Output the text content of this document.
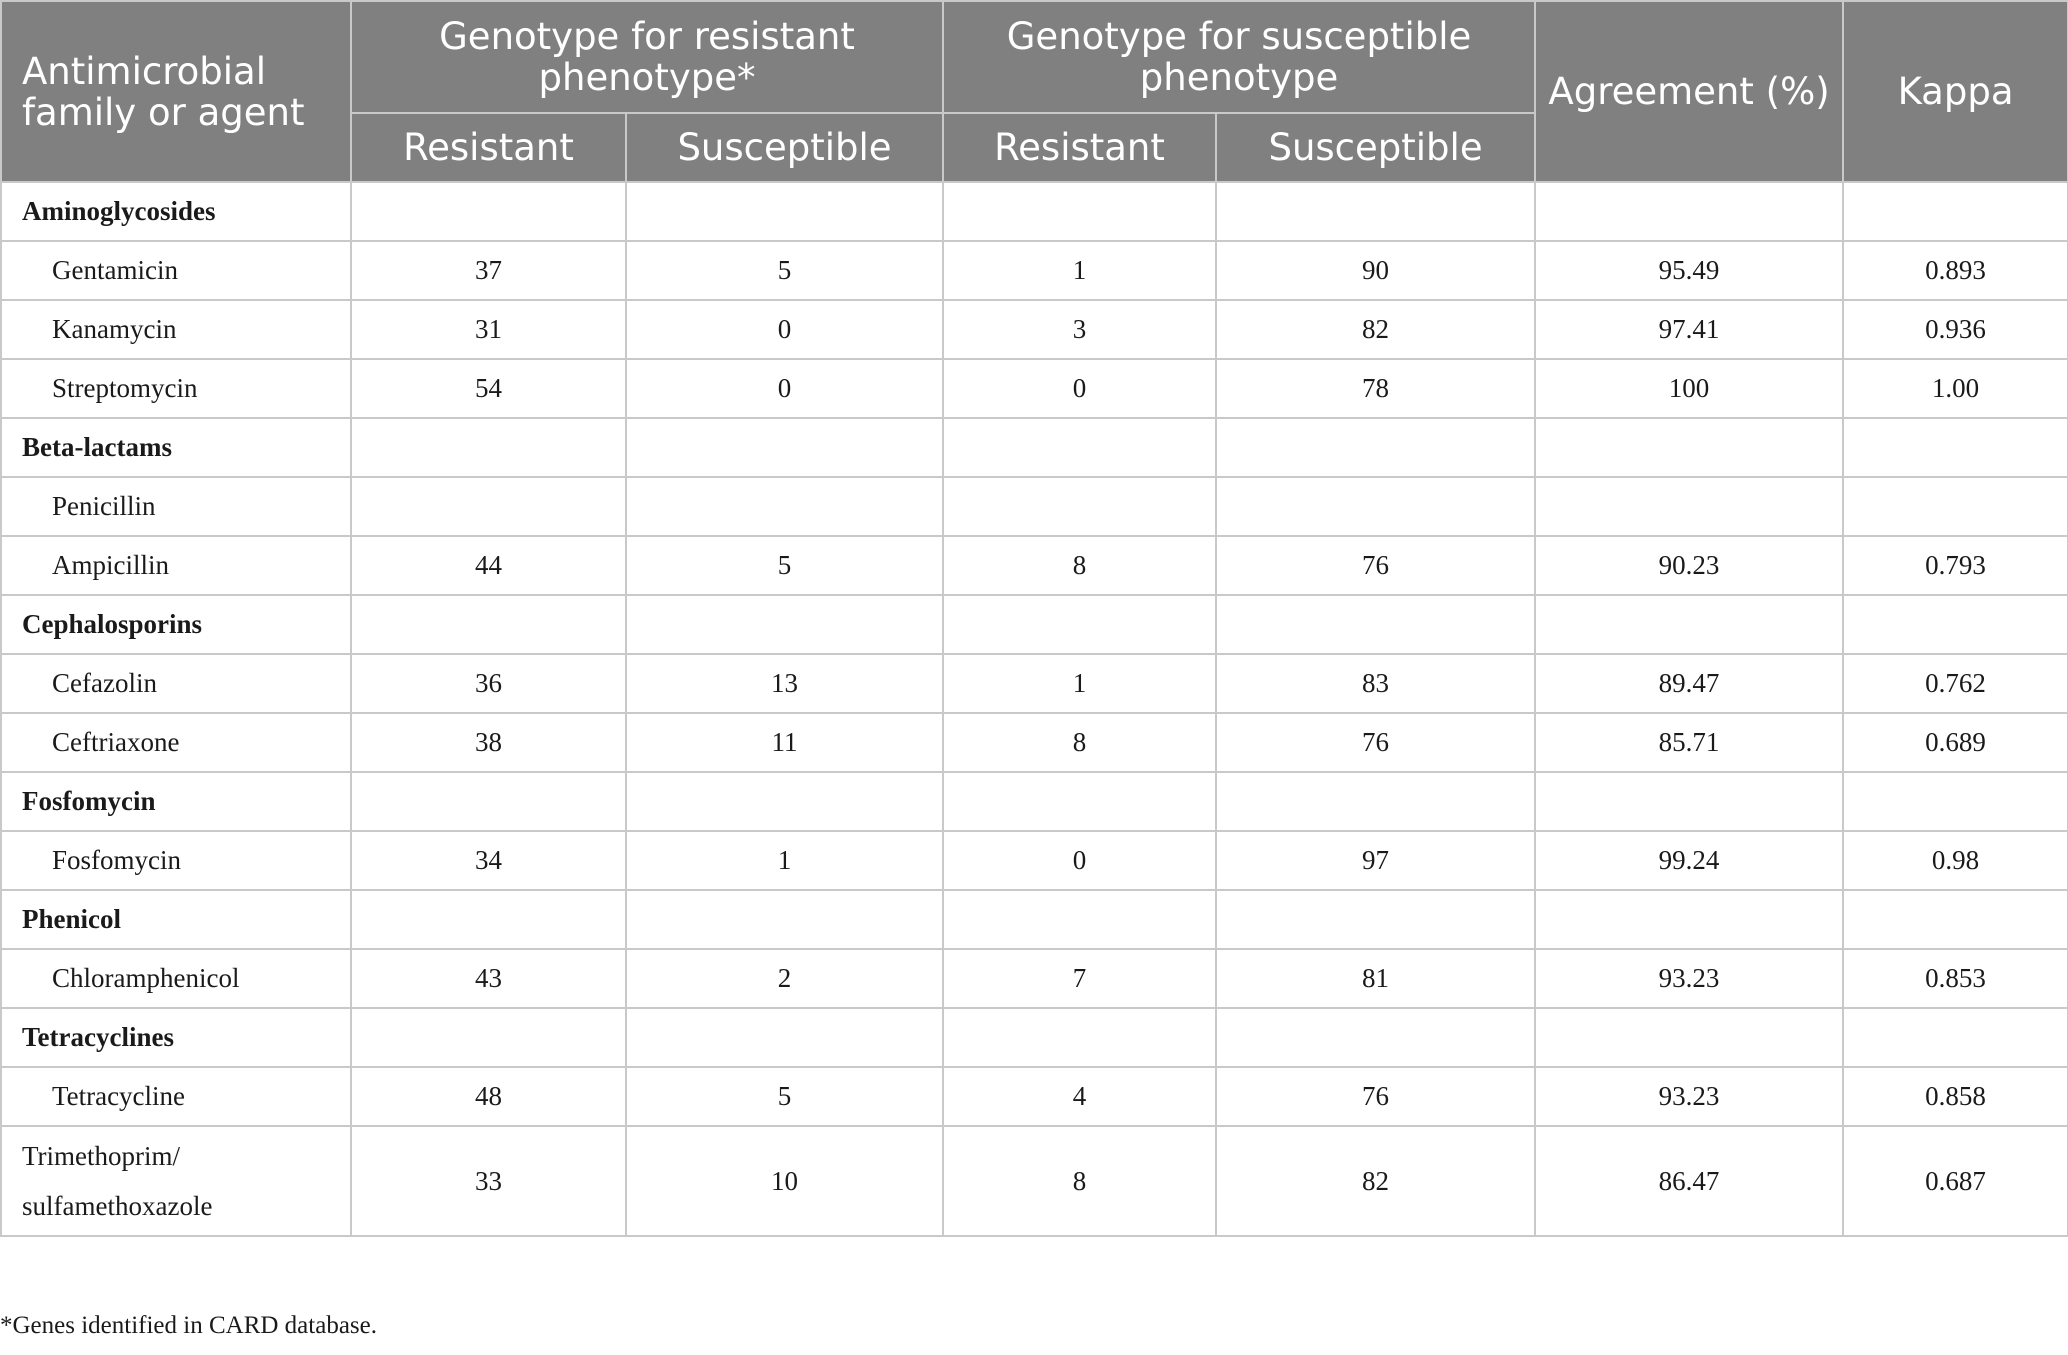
Antimicrobial family or agent	Genotype for resistant phenotype*		Genotype for susceptible phenotype		Agreement (%)	Kappa
	Resistant	Susceptible	Resistant	Susceptible		
Aminoglycosides						
Gentamicin	37	5	1	90	95.49	0.893
Kanamycin	31	0	3	82	97.41	0.936
Streptomycin	54	0	0	78	100	1.00
Beta-lactams						
Penicillin						
Ampicillin	44	5	8	76	90.23	0.793
Cephalosporins						
Cefazolin	36	13	1	83	89.47	0.762
Ceftriaxone	38	11	8	76	85.71	0.689
Fosfomycin						
Fosfomycin	34	1	0	97	99.24	0.98
Phenicol						
Chloramphenicol	43	2	7	81	93.23	0.853
Tetracyclines						
Tetracycline	48	5	4	76	93.23	0.858
Trimethoprim/
sulfamethoxazole	33	10	8	82	86.47	0.687
*Genes identified in CARD database.
